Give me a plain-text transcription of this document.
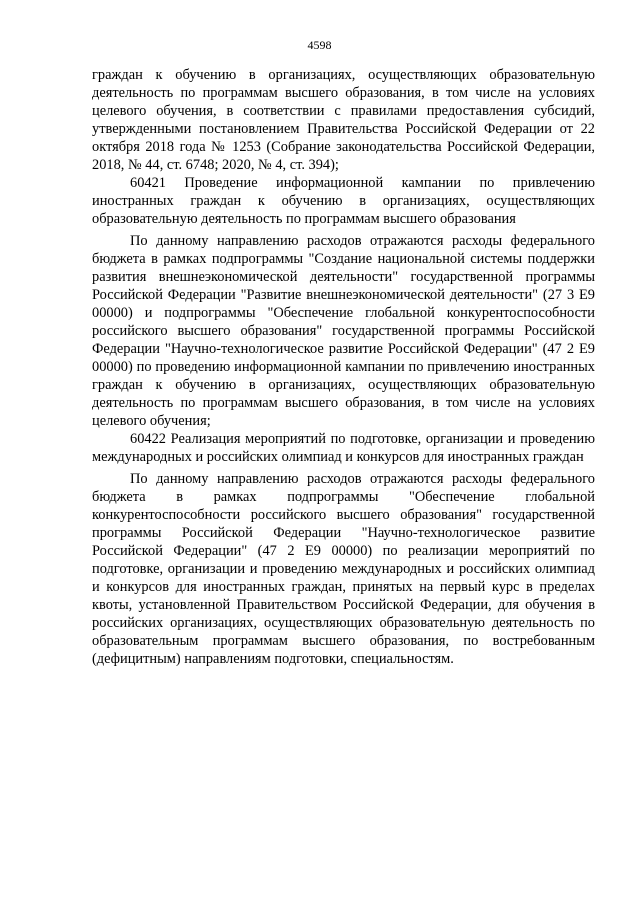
4598

граждан к обучению в организациях, осуществляющих образовательную деятельность по программам высшего образования, в том числе на условиях целевого обучения, в соответствии с правилами предоставления субсидий, утвержденными постановлением Правительства Российской Федерации от 22 октября 2018 года № 1253 (Собрание законодательства Российской Федерации, 2018, № 44, ст. 6748; 2020, № 4, ст. 394);

60421 Проведение информационной кампании по привлечению иностранных граждан к обучению в организациях, осуществляющих образовательную деятельность по программам высшего образования

По данному направлению расходов отражаются расходы федерального бюджета в рамках подпрограммы "Создание национальной системы поддержки развития внешнеэкономической деятельности" государственной программы Российской Федерации "Развитие внешнеэкономической деятельности" (27 3 E9 00000) и подпрограммы "Обеспечение глобальной конкурентоспособности российского высшего образования" государственной программы Российской Федерации "Научно-технологическое развитие Российской Федерации" (47 2 E9 00000) по проведению информационной кампании по привлечению иностранных граждан к обучению в организациях, осуществляющих образовательную деятельность по программам высшего образования, в том числе на условиях целевого обучения;

60422 Реализация мероприятий по подготовке, организации и проведению международных и российских олимпиад и конкурсов для иностранных граждан

По данному направлению расходов отражаются расходы федерального бюджета в рамках подпрограммы "Обеспечение глобальной конкурентоспособности российского высшего образования" государственной программы Российской Федерации "Научно-технологическое развитие Российской Федерации" (47 2 E9 00000) по реализации мероприятий по подготовке, организации и проведению международных и российских олимпиад и конкурсов для иностранных граждан, принятых на первый курс в пределах квоты, установленной Правительством Российской Федерации, для обучения в российских организациях, осуществляющих образовательную деятельность по образовательным программам высшего образования, по востребованным (дефицитным) направлениям подготовки, специальностям.
